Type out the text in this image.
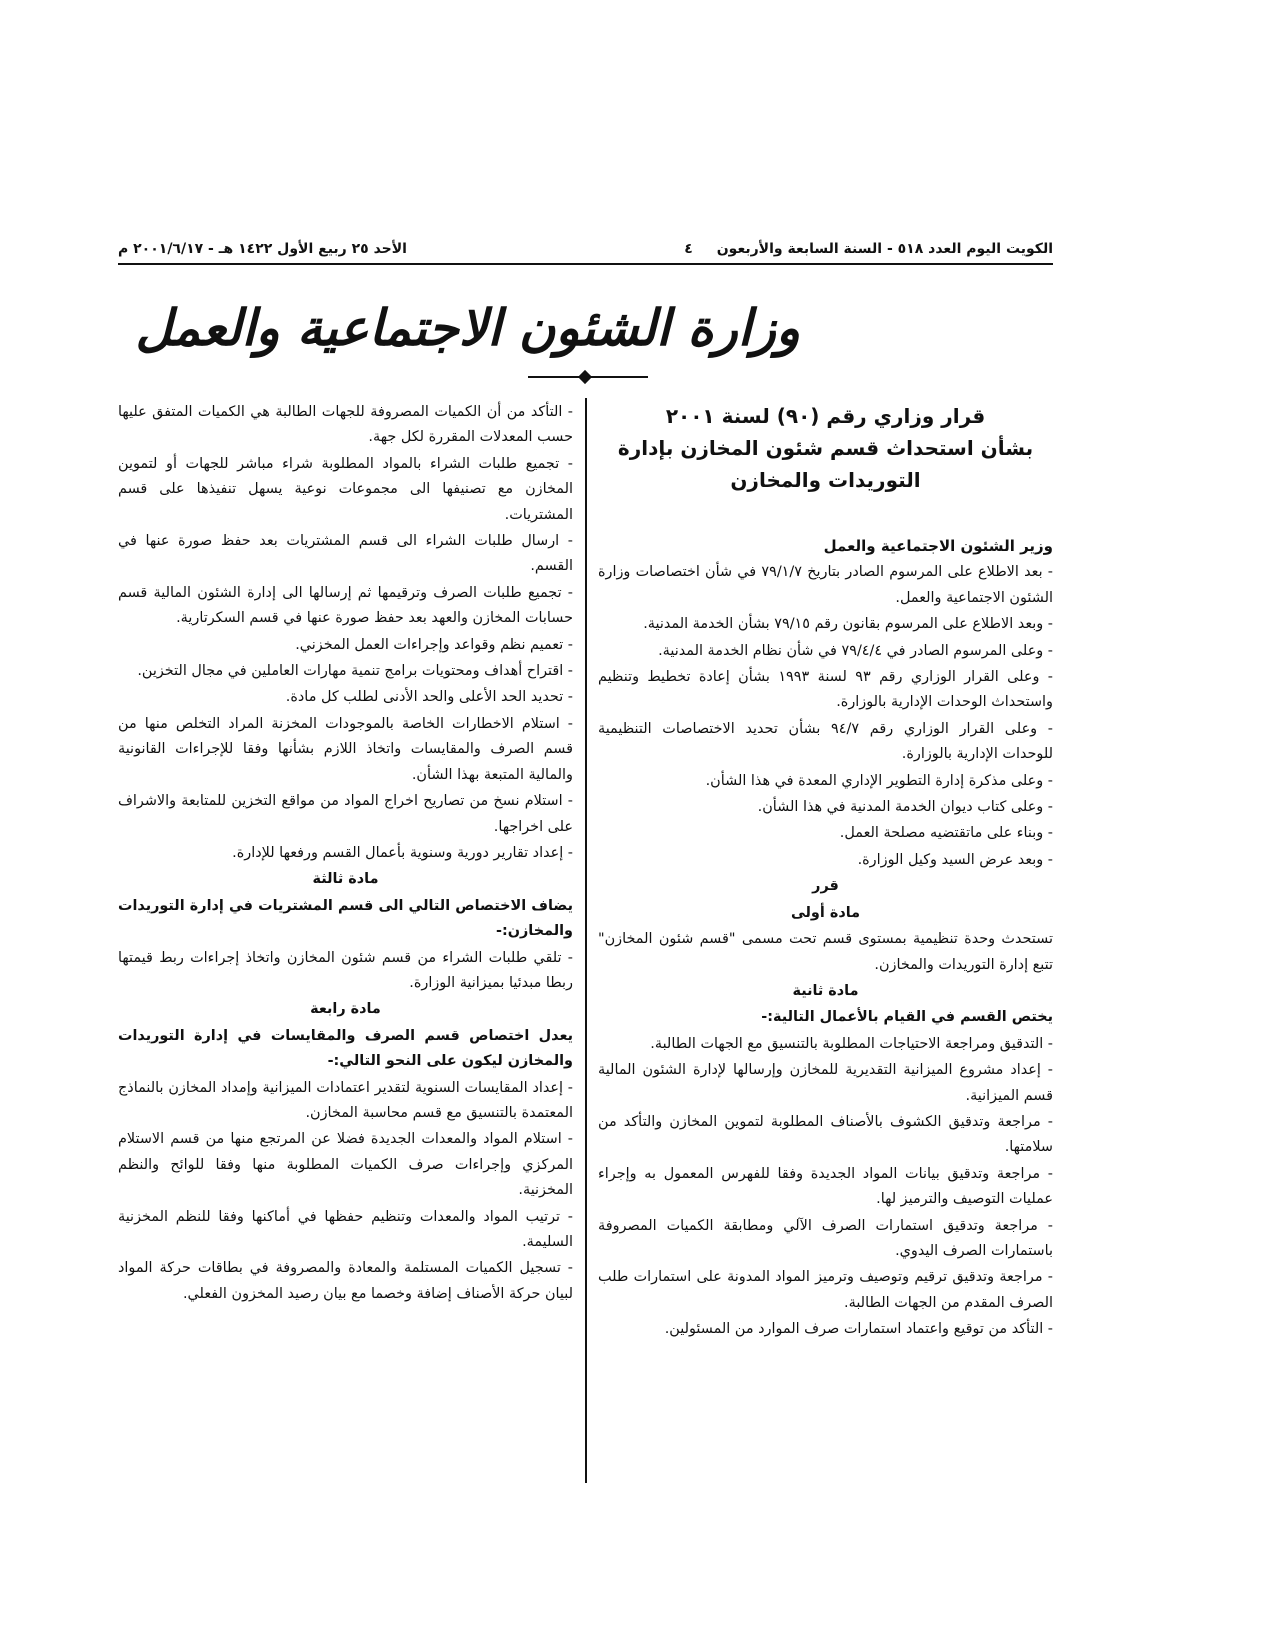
الكويت اليوم العدد ٥١٨ - السنة السابعة والأربعون
٤
الأحد ٢٥ ربيع الأول ١٤٢٢ هـ - ٢٠٠١/٦/١٧ م
وزارة الشئون الاجتماعية والعمل
قرار وزاري رقم (٩٠) لسنة ٢٠٠١
بشأن استحداث قسم شئون المخازن بإدارة
التوريدات والمخازن

وزير الشئون الاجتماعية والعمل

- بعد الاطلاع على المرسوم الصادر بتاريخ ٧٩/١/٧ في شأن اختصاصات وزارة الشئون الاجتماعية والعمل.

- وبعد الاطلاع على المرسوم بقانون رقم ٧٩/١٥ بشأن الخدمة المدنية.

- وعلى المرسوم الصادر في ٧٩/٤/٤ في شأن نظام الخدمة المدنية.

- وعلى القرار الوزاري رقم ٩٣ لسنة ١٩٩٣ بشأن إعادة تخطيط وتنظيم واستحداث الوحدات الإدارية بالوزارة.

- وعلى القرار الوزاري رقم ٩٤/٧ بشأن تحديد الاختصاصات التنظيمية للوحدات الإدارية بالوزارة.

- وعلى مذكرة إدارة التطوير الإداري المعدة في هذا الشأن.

- وعلى كتاب ديوان الخدمة المدنية في هذا الشأن.

- وبناء على ماتقتضيه مصلحة العمل.

- وبعد عرض السيد وكيل الوزارة.

قرر

مادة أولى

تستحدث وحدة تنظيمية بمستوى قسم تحت مسمى "قسم شئون المخازن" تتبع إدارة التوريدات والمخازن.

مادة ثانية

يختص القسم في القيام بالأعمال التالية:-

- التدقيق ومراجعة الاحتياجات المطلوبة بالتنسيق مع الجهات الطالبة.

- إعداد مشروع الميزانية التقديرية للمخازن وإرسالها لإدارة الشئون المالية قسم الميزانية.

- مراجعة وتدقيق الكشوف بالأصناف المطلوبة لتموين المخازن والتأكد من سلامتها.

- مراجعة وتدقيق بيانات المواد الجديدة وفقا للفهرس المعمول به وإجراء عمليات التوصيف والترميز لها.

- مراجعة وتدقيق استمارات الصرف الآلي ومطابقة الكميات المصروفة باستمارات الصرف اليدوي.

- مراجعة وتدقيق ترقيم وتوصيف وترميز المواد المدونة على استمارات طلب الصرف المقدم من الجهات الطالبة.

- التأكد من توقيع واعتماد استمارات صرف الموارد من المسئولين.

- التأكد من أن الكميات المصروفة للجهات الطالبة هي الكميات المتفق عليها حسب المعدلات المقررة لكل جهة.

- تجميع طلبات الشراء بالمواد المطلوبة شراء مباشر للجهات أو لتموين المخازن مع تصنيفها الى مجموعات نوعية يسهل تنفيذها على قسم المشتريات.

- ارسال طلبات الشراء الى قسم المشتريات بعد حفظ صورة عنها في القسم.

- تجميع طلبات الصرف وترقيمها ثم إرسالها الى إدارة الشئون المالية قسم حسابات المخازن والعهد بعد حفظ صورة عنها في قسم السكرتارية.

- تعميم نظم وقواعد وإجراءات العمل المخزني.

- اقتراح أهداف ومحتويات برامج تنمية مهارات العاملين في مجال التخزين.

- تحديد الحد الأعلى والحد الأدنى لطلب كل مادة.

- استلام الاخطارات الخاصة بالموجودات المخزنة المراد التخلص منها من قسم الصرف والمقايسات واتخاذ اللازم بشأنها وفقا للإجراءات القانونية والمالية المتبعة بهذا الشأن.

- استلام نسخ من تصاريح اخراج المواد من مواقع التخزين للمتابعة والاشراف على اخراجها.

- إعداد تقارير دورية وسنوية بأعمال القسم ورفعها للإدارة.

مادة ثالثة

يضاف الاختصاص التالي الى قسم المشتريات في إدارة التوريدات والمخازن:-

- تلقي طلبات الشراء من قسم شئون المخازن واتخاذ إجراءات ربط قيمتها ربطا مبدئيا بميزانية الوزارة.

مادة رابعة

يعدل اختصاص قسم الصرف والمقايسات في إدارة التوريدات والمخازن ليكون على النحو التالي:-

- إعداد المقايسات السنوية لتقدير اعتمادات الميزانية وإمداد المخازن بالنماذج المعتمدة بالتنسيق مع قسم محاسبة المخازن.

- استلام المواد والمعدات الجديدة فضلا عن المرتجع منها من قسم الاستلام المركزي وإجراءات صرف الكميات المطلوبة منها وفقا للوائح والنظم المخزنية.

- ترتيب المواد والمعدات وتنظيم حفظها في أماكنها وفقا للنظم المخزنية السليمة.

- تسجيل الكميات المستلمة والمعادة والمصروفة في بطاقات حركة المواد لبيان حركة الأصناف إضافة وخصما مع بيان رصيد المخزون الفعلي.
